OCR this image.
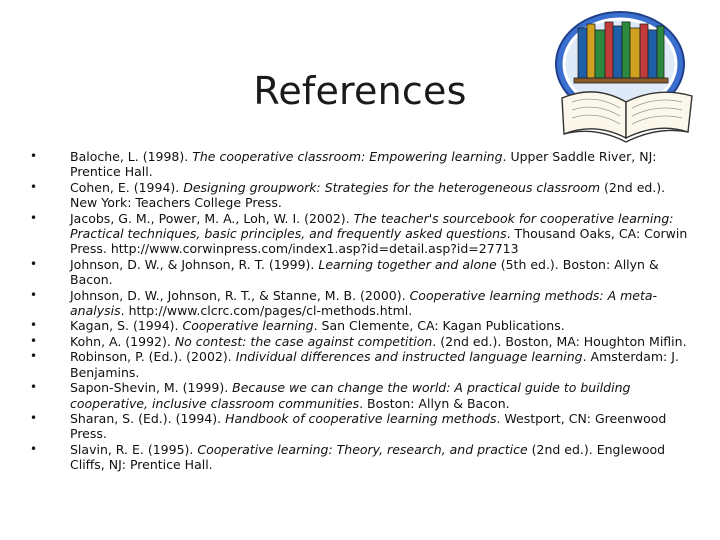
References
•	Baloche, L. (1998). The cooperative classroom: Empowering learning. Upper Saddle River, NJ: Prentice Hall.
•	Cohen, E. (1994). Designing groupwork: Strategies for the heterogeneous classroom (2nd ed.). New York: Teachers College Press.
•	Jacobs, G. M., Power, M. A., Loh, W. I. (2002). The teacher's sourcebook for cooperative learning: Practical techniques, basic principles, and frequently asked questions. Thousand Oaks, CA: Corwin Press. http://www.corwinpress.com/index1.asp?id=detail.asp?id=27713
•	Johnson, D. W., & Johnson, R. T. (1999). Learning together and alone (5th ed.). Boston: Allyn & Bacon.
•	Johnson, D. W., Johnson, R. T., & Stanne, M. B. (2000). Cooperative learning methods: A meta-analysis. http://www.clcrc.com/pages/cl-methods.html.
•	Kagan, S. (1994). Cooperative learning. San Clemente, CA: Kagan Publications.
•	Kohn, A. (1992). No contest: the case against competition. (2nd ed.). Boston, MA: Houghton Miflin.
•	Robinson, P. (Ed.). (2002). Individual differences and instructed language learning. Amsterdam: J. Benjamins.
•	Sapon-Shevin, M. (1999). Because we can change the world: A practical guide to building cooperative, inclusive classroom communities. Boston: Allyn & Bacon.
•	Sharan, S. (Ed.). (1994). Handbook of cooperative learning methods. Westport, CN: Greenwood Press.
•	Slavin, R. E. (1995). Cooperative learning: Theory, research, and practice (2nd ed.). Englewood Cliffs, NJ: Prentice Hall.
